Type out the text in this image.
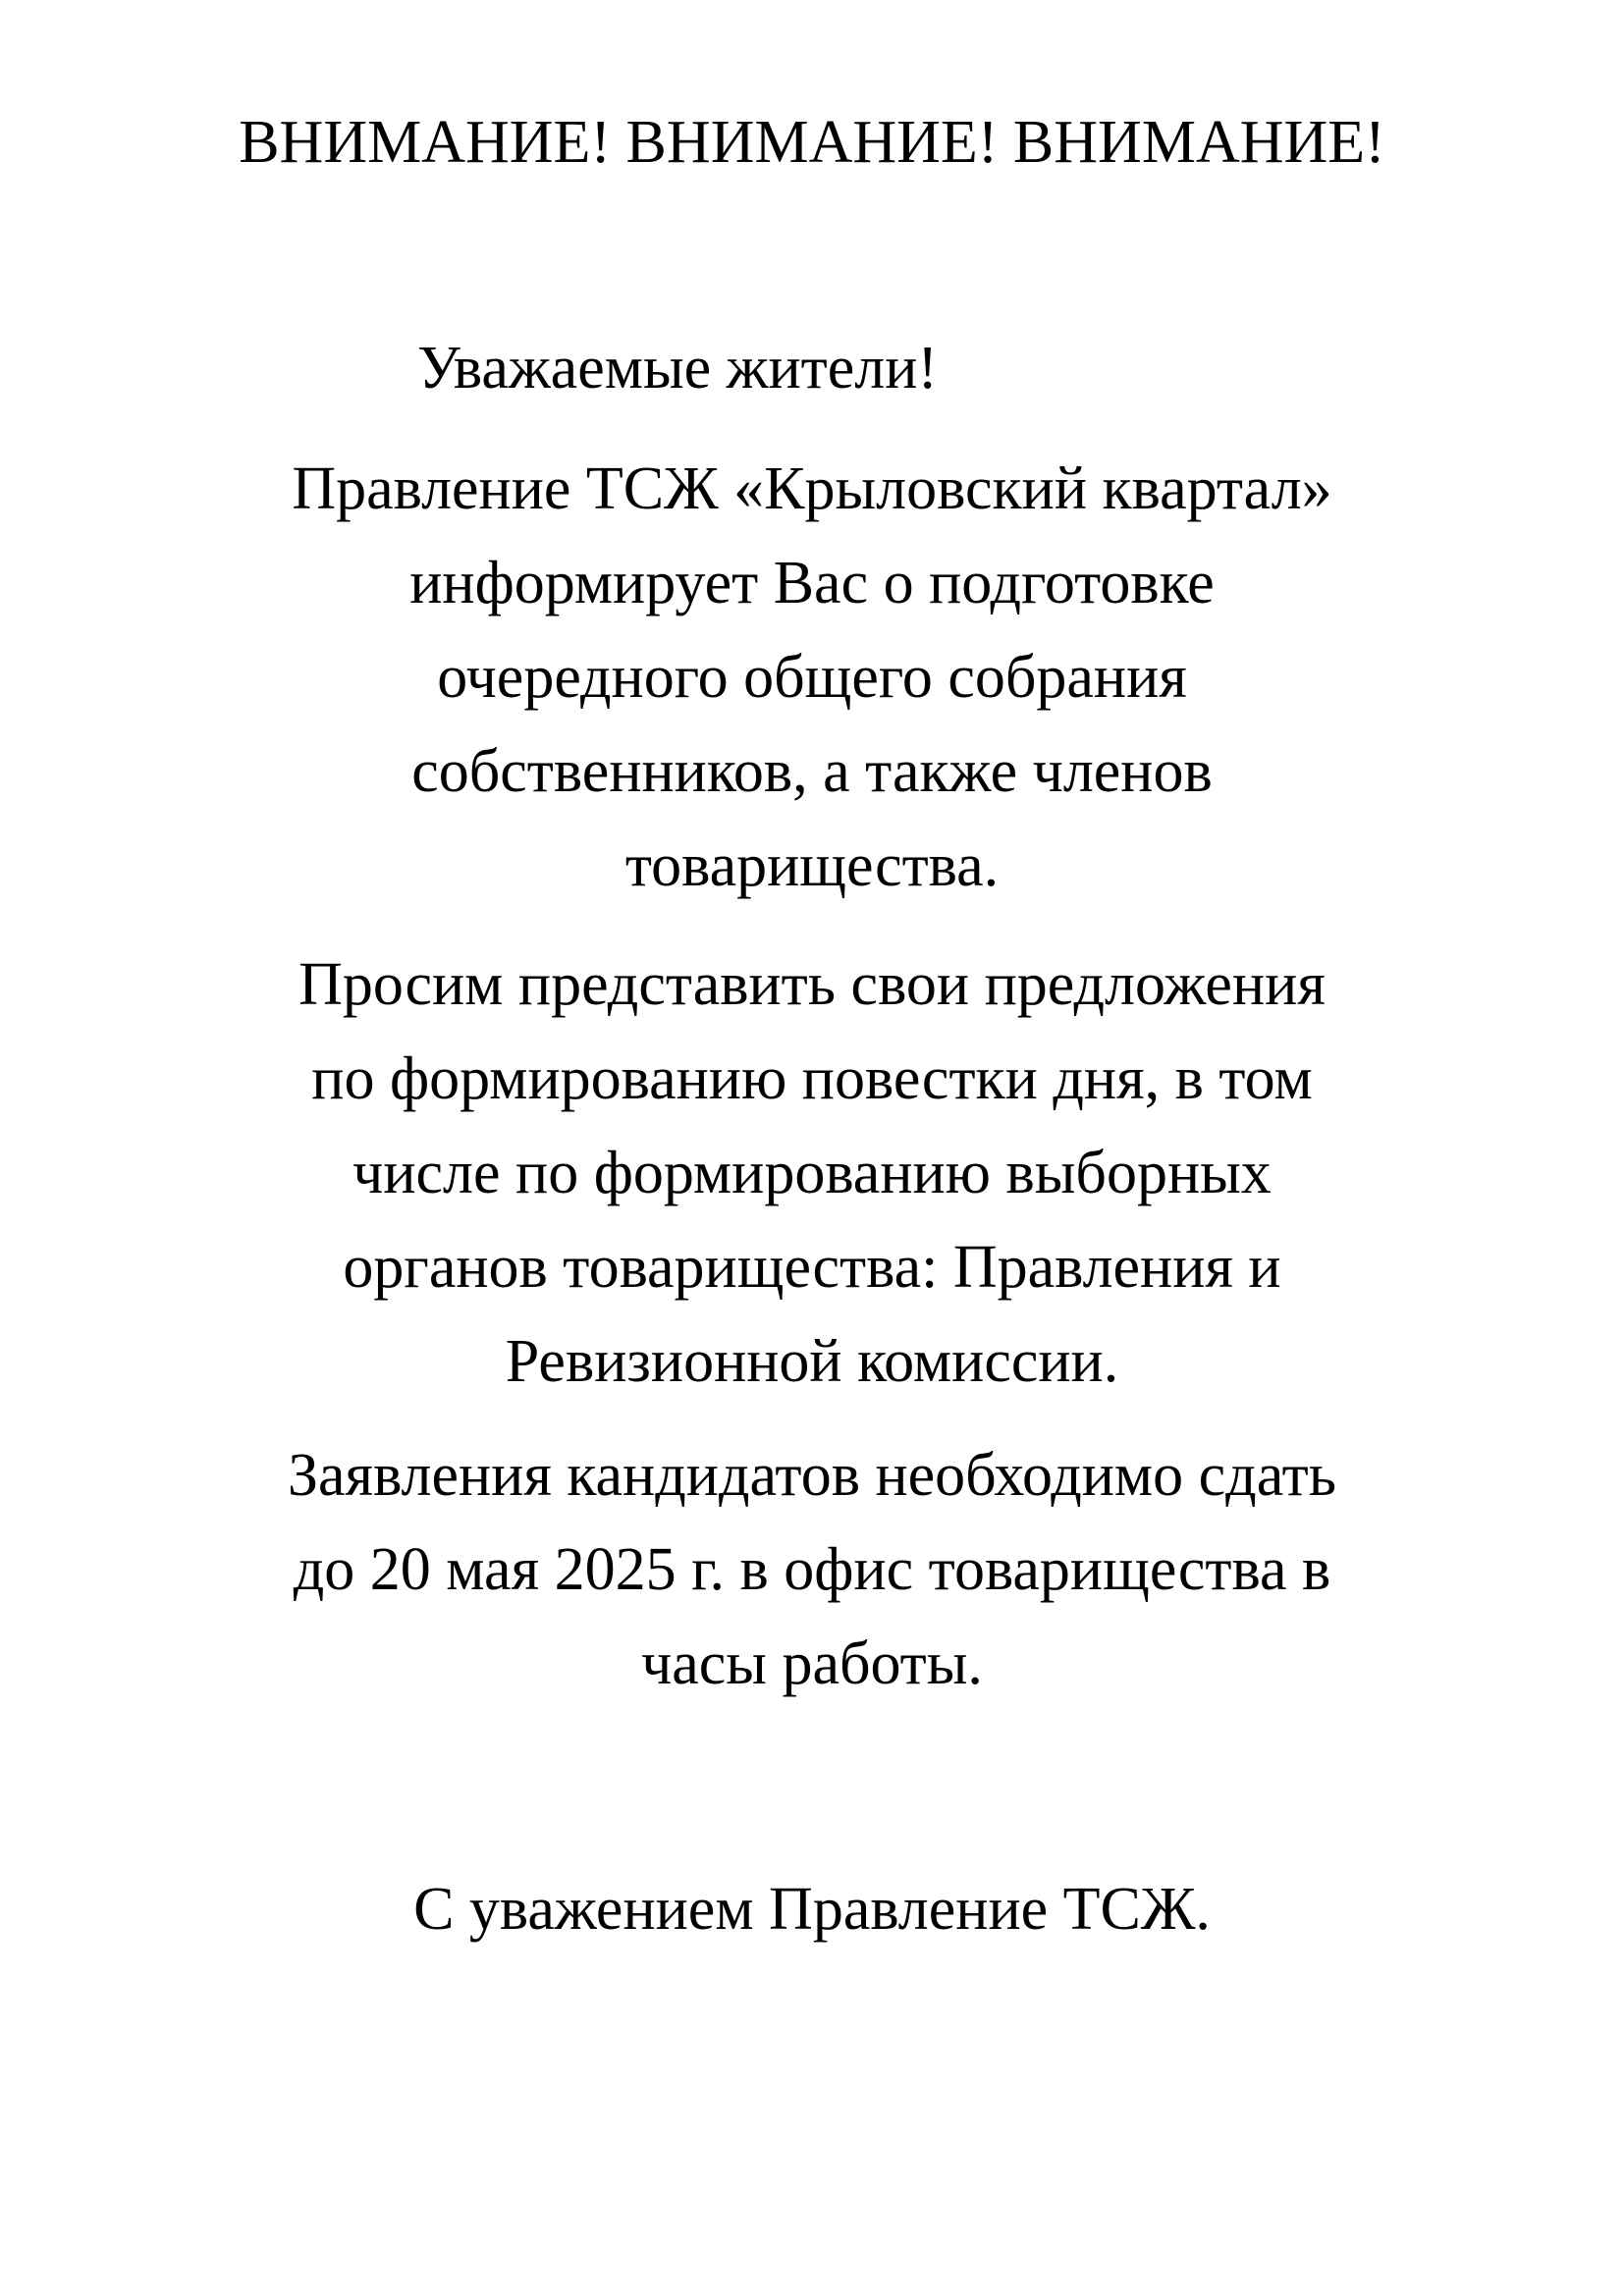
ВНИМАНИЕ! ВНИМАНИЕ! ВНИМАНИЕ!
Уважаемые жители!
Правление ТСЖ «Крыловский квартал»
информирует Вас о подготовке
очередного общего собрания
собственников, а также членов
товарищества.
Просим представить свои предложения
по формированию повестки дня, в том
числе по формированию выборных
органов товарищества: Правления и
Ревизионной комиссии.
Заявления кандидатов необходимо сдать
до 20 мая 2025 г. в офис товарищества в
часы работы.
С уважением Правление ТСЖ.
